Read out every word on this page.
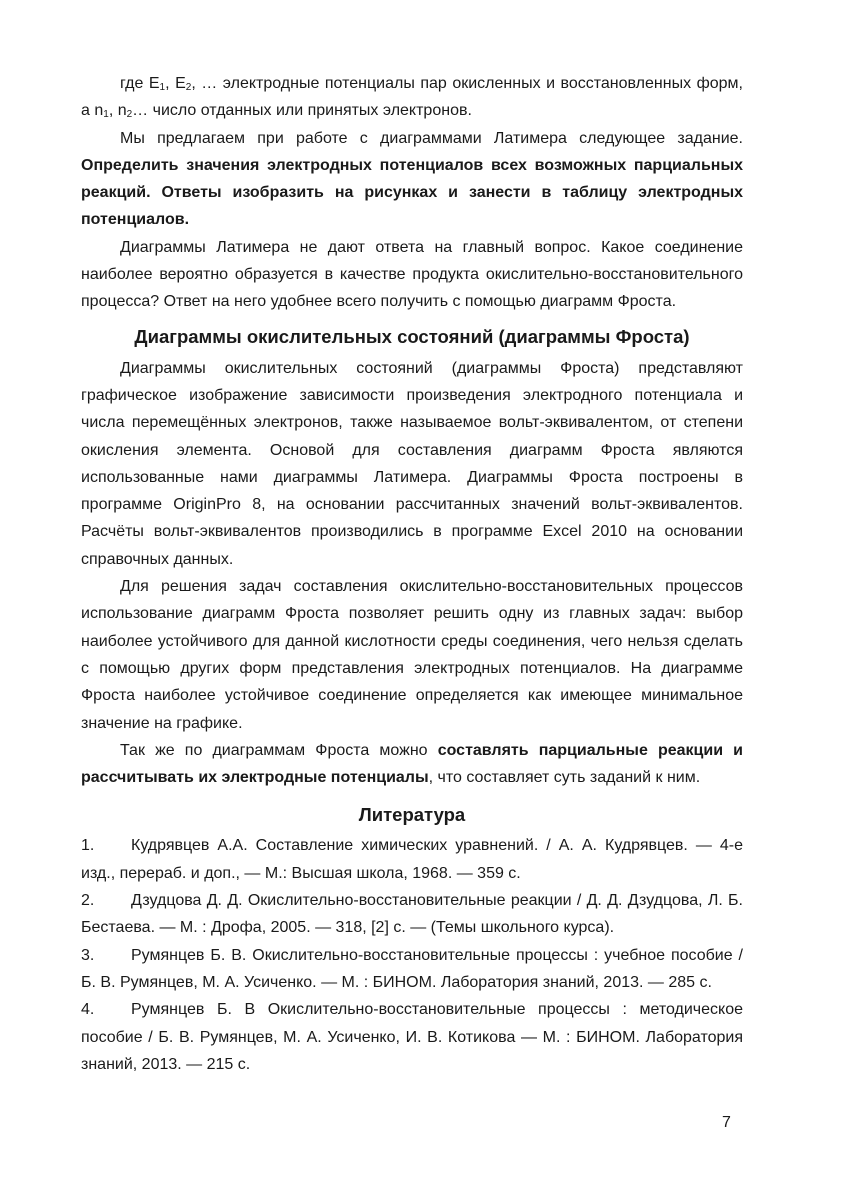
где $E_1$, $E_2$, … электродные потенциалы пар окисленных и восстановленных форм, а $n_1$, $n_2\dots$ число отданных или принятых электронов.

Мы предлагаем при работе с диаграммами Латимера следующее задание. Определить значения электродных потенциалов всех возможных парциальных реакций. Ответы изобразить на рисунках и занести в таблицу электродных потенциалов.

Диаграммы Латимера не дают ответа на главный вопрос. Какое соединение наиболее вероятно образуется в качестве продукта окислительно-восстановительного процесса? Ответ на него удобнее всего получить с помощью диаграмм Фроста.

Диаграммы окислительных состояний (диаграммы Фроста)

Диаграммы окислительных состояний (диаграммы Фроста) представляют графическое изображение зависимости произведения электродного потенциала и числа перемещённых электронов, также называемое вольт-эквивалентом, от степени окисления элемента. Основой для составления диаграмм Фроста являются использованные нами диаграммы Латимера. Диаграммы Фроста построены в программе OriginPro 8, на основании рассчитанных значений вольт-эквивалентов. Расчёты вольт-эквивалентов производились в программе Excel 2010 на основании справочных данных.

Для решения задач составления окислительно-восстановительных процессов использование диаграмм Фроста позволяет решить одну из главных задач: выбор наиболее устойчивого для данной кислотности среды соединения, чего нельзя сделать с помощью других форм представления электродных потенциалов. На диаграмме Фроста наиболее устойчивое соединение определяется как имеющее минимальное значение на графике.

Так же по диаграммам Фроста можно составлять парциальные реакции и рассчитывать их электродные потенциалы, что составляет суть заданий к ним.

Литература

1. Кудрявцев А.А. Составление химических уравнений. / А. А. Кудрявцев. — 4-е изд., перераб. и доп., — М.: Высшая школа, 1968. — 359 с.

2. Дзудцова Д. Д. Окислительно-восстановительные реакции / Д. Д. Дзудцова, Л. Б. Бестаева. — М. : Дрофа, 2005. — 318, [2] с. — (Темы школьного курса).

3. Румянцев Б. В. Окислительно-восстановительные процессы : учебное пособие / Б. В. Румянцев, М. А. Усиченко. — М. : БИНОМ. Лаборатория знаний, 2013. — 285 с.

4. Румянцев Б. В Окислительно-восстановительные процессы : методическое пособие / Б. В. Румянцев, М. А. Усиченко, И. В. Котикова — М. : БИНОМ. Лаборатория знаний, 2013. — 215 с.

7
